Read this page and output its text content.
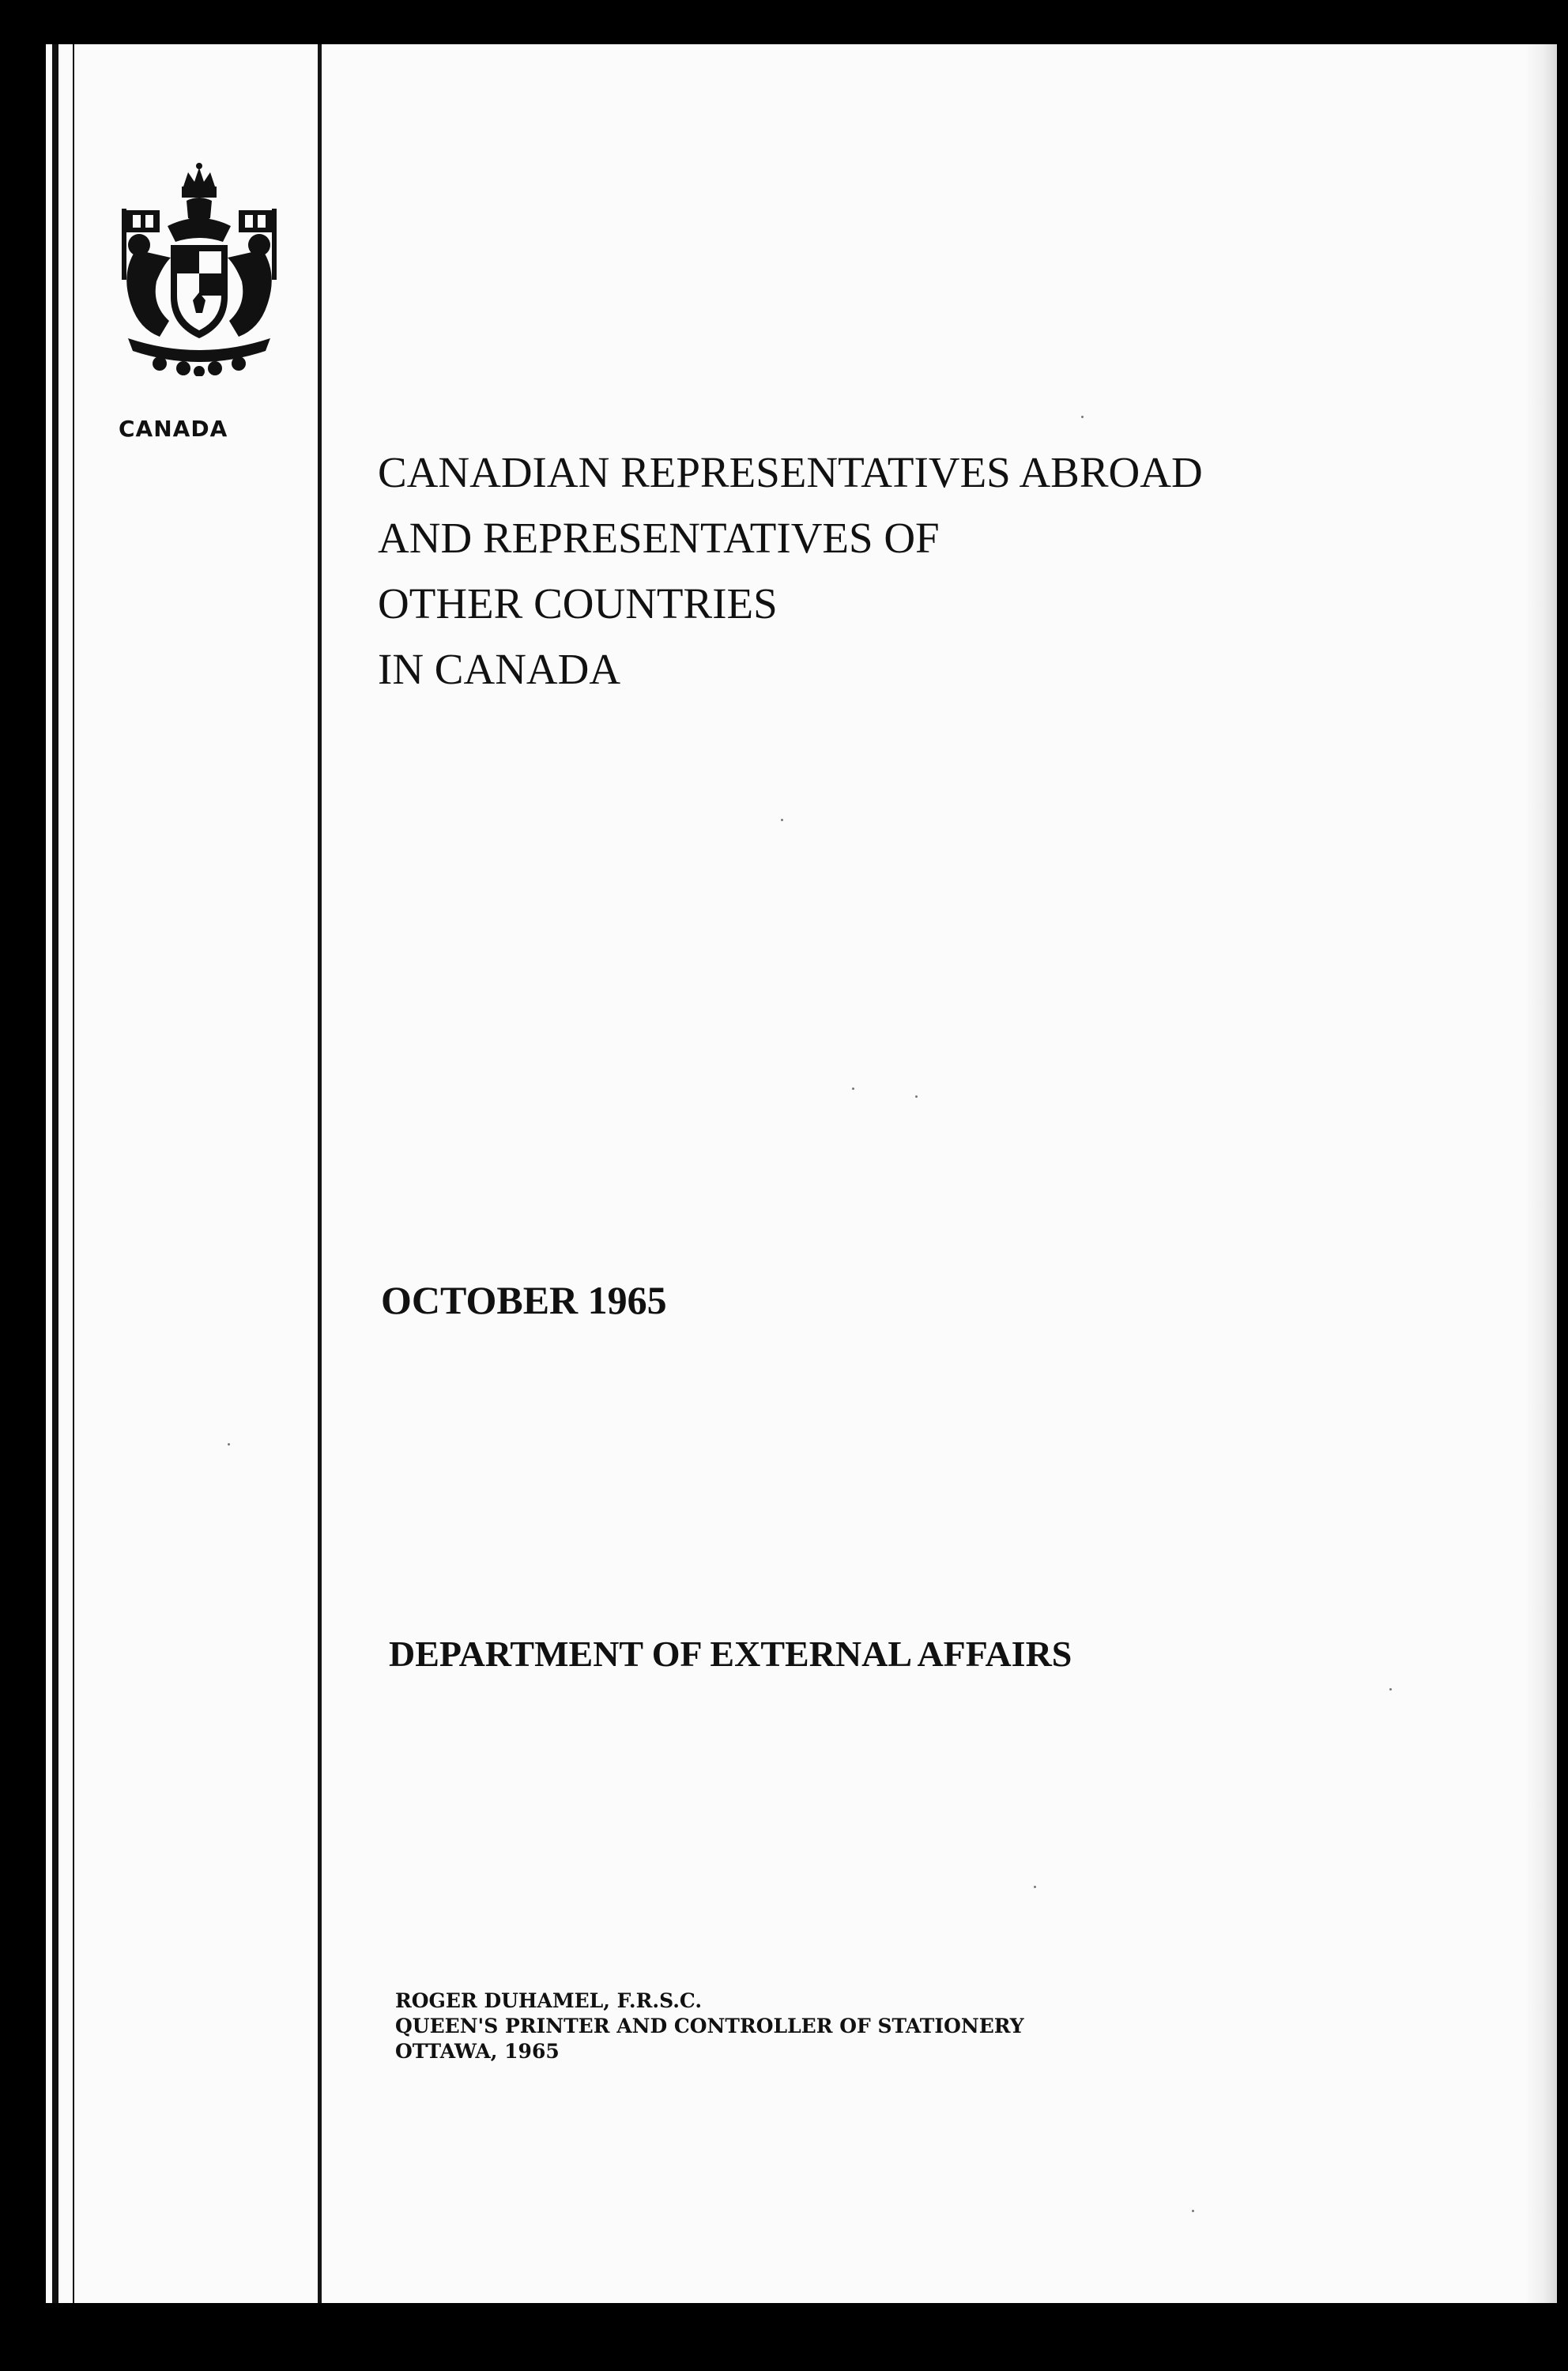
CANADA
CANADIAN REPRESENTATIVES ABROAD
AND REPRESENTATIVES OF
OTHER COUNTRIES
IN CANADA
OCTOBER 1965
DEPARTMENT OF EXTERNAL AFFAIRS
ROGER DUHAMEL, F.R.S.C.
QUEEN'S PRINTER AND CONTROLLER OF STATIONERY
OTTAWA, 1965
